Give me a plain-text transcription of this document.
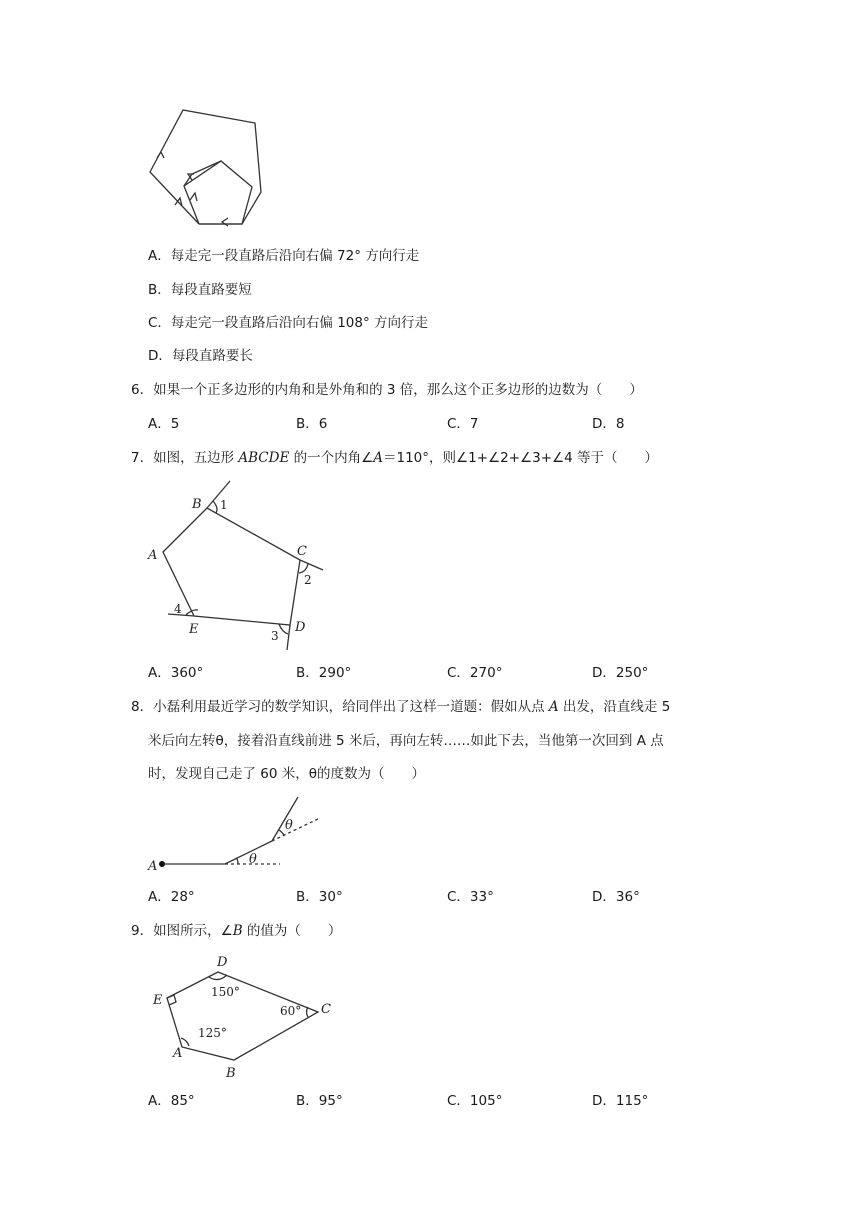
A．每走完一段直路后沿向右偏 72° 方向行走
B．每段直路要短
C．每走完一段直路后沿向右偏 108° 方向行走
D．每段直路要长
6．如果一个正多边形的内角和是外角和的 3 倍，那么这个正多边形的边数为（　　）
A．5	B．6	C．7	D．8
7．如图，五边形 ABCDE 的一个内角∠A＝110°，则∠1+∠2+∠3+∠4 等于（　　）
A
B
C
D
E
1
2
3
4
A．360°	B．290°	C．270°	D．250°
8．小磊利用最近学习的数学知识，给同伴出了这样一道题：假如从点 A 出发，沿直线走 5
米后向左转θ，接着沿直线前进 5 米后，再向左转……如此下去，当他第一次回到 A 点
时，发现自己走了 60 米，θ的度数为（　　）
A	θ
θ
A．28°	B．30°	C．33°	D．36°
9．如图所示，∠B 的值为（　　）
D
C
E
A
B
150°
60°
125°
A．85°	B．95°	C．105°	D．115°
